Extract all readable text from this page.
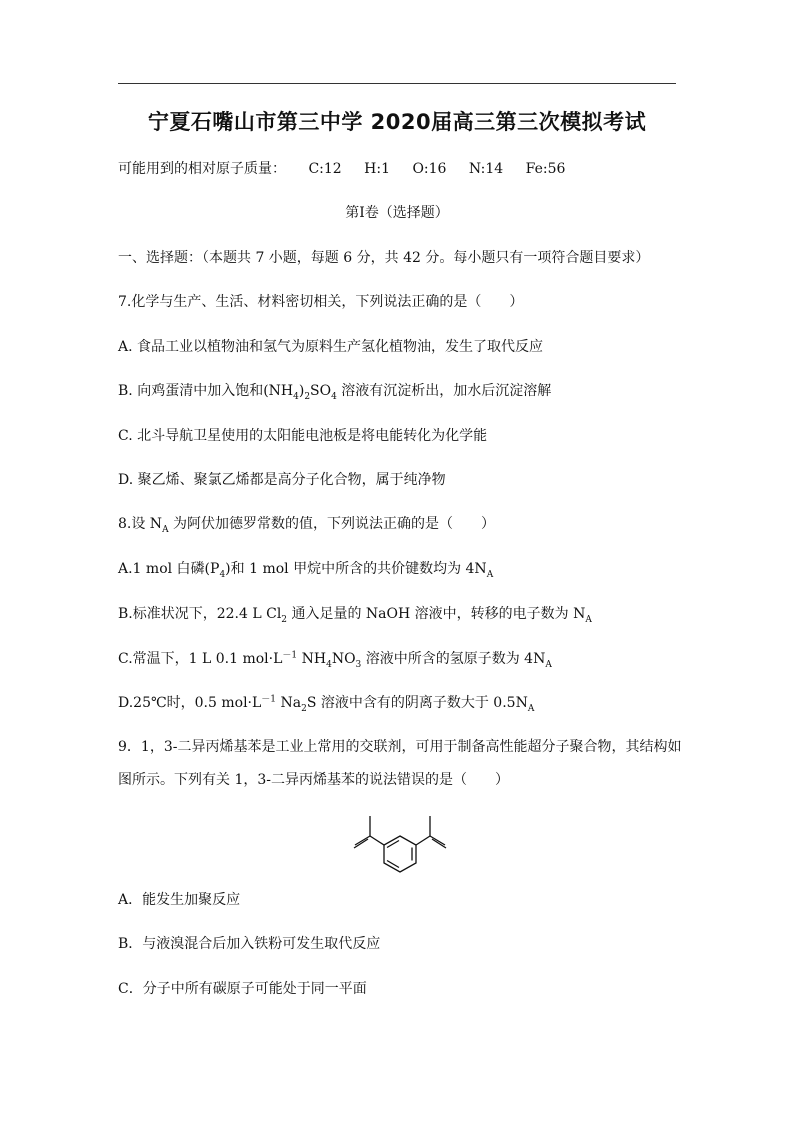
宁夏石嘴山市第三中学 2020届高三第三次模拟考试
可能用到的相对原子质量： C:12 H:1 O:16 N:14 Fe:56
第Ⅰ卷（选择题）
一、选择题：（本题共 7 小题，每题 6 分，共 42 分。每小题只有一项符合题目要求）
7.化学与生产、生活、材料密切相关，下列说法正确的是（　　）
A. 食品工业以植物油和氢气为原料生产氢化植物油，发生了取代反应
B. 向鸡蛋清中加入饱和$(NH_4)_2SO_4$ 溶液有沉淀析出，加水后沉淀溶解
C. 北斗导航卫星使用的太阳能电池板是将电能转化为化学能
D. 聚乙烯、聚氯乙烯都是高分子化合物，属于纯净物
8.设 $N_A$ 为阿伏加德罗常数的值，下列说法正确的是（　　）
A.1 mol 白磷$(P_4)$和 1 mol 甲烷中所含的共价键数均为 $4N_A$
B.标准状况下，22.4 L $Cl_2$ 通入足量的 NaOH 溶液中，转移的电子数为 $N_A$
C.常温下，1 L 0.1 $mol\cdot L^{-1}$ $NH_4NO_3$ 溶液中所含的氢原子数为 $4N_A$
D.25℃时，0.5 $mol\cdot L^{-1}$ $Na_2S$ 溶液中含有的阴离子数大于 $0.5N_A$
9．1，3-二异丙烯基苯是工业上常用的交联剂，可用于制备高性能超分子聚合物，其结构如
图所示。下列有关 1，3-二异丙烯基苯的说法错误的是（　　）
A．能发生加聚反应
B．与液溴混合后加入铁粉可发生取代反应
C．分子中所有碳原子可能处于同一平面
